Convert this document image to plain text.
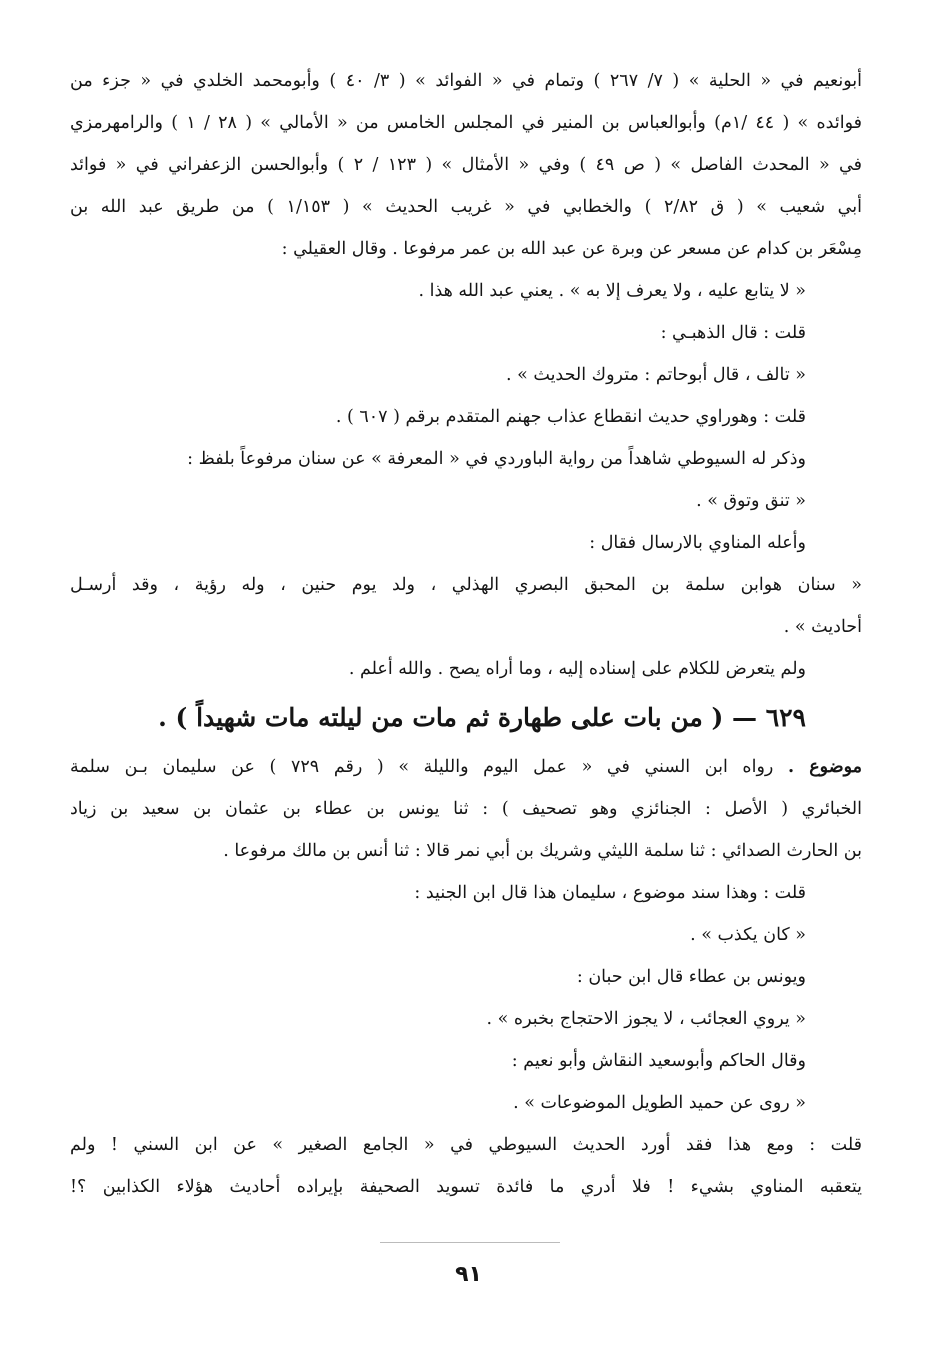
أبونعيم في « الحلية » ( ٧/ ٢٦٧ ) وتمام في « الفوائد » ( ٣/ ٤٠ ) وأبومحمد الخلدي في « جزء من
فوائده » ( ٤٤ /١م) وأبوالعباس بن المنير في المجلس الخامس من « الأمالي » ( ٢٨ / ١ ) والرامهرمزي
في « المحدث الفاصل » ( ص ٤٩ ) وفي « الأمثال » ( ١٢٣ / ٢ ) وأبوالحسن الزعفراني في « فوائد
أبي شعيب » ( ق ٢/٨٢ ) والخطابي في « غريب الحديث » ( ١/١٥٣ ) من طريق عبد الله بن
مِسْعَر بن كدام عن مسعر عن وبرة عن عبد الله بن عمر مرفوعا . وقال العقيلي :
« لا يتابع عليه ، ولا يعرف إلا به » . يعني عبد الله هذا .
قلت : قال الذهبـي :
« تالف ، قال أبوحاتم : متروك الحديث » .
قلت : وهوراوي حديث انقطاع عذاب جهنم المتقدم برقم ( ٦٠٧ ) .
وذكر له السيوطي شاهداً من رواية الباوردي في « المعرفة » عن سنان مرفوعاً بلفظ :
« تنق وتوق » .
وأعله المناوي بالارسال فقال :
« سنان هوابن سلمة بن المحبق البصري الهذلي ، ولد يوم حنين ، وله رؤية ، وقد أرسـل
أحاديث » .
ولم يتعرض للكلام على إسناده إليه ، وما أراه يصح . والله أعلم .
٦٢٩ — ( من بات على طهارة ثم مات من ليلته مات شهيداً ) .
موضوع . رواه ابن السني في « عمل اليوم والليلة » ( رقم ٧٢٩ ) عن سليمان بـن سلمة
الخبائري ( الأصل : الجنائزي وهو تصحيف ) : ثنا يونس بن عطاء بن عثمان بن سعيد بن زياد
بن الحارث الصدائي : ثنا سلمة الليثي وشريك بن أبي نمر قالا : ثنا أنس بن مالك مرفوعا .
قلت : وهذا سند موضوع ، سليمان هذا قال ابن الجنيد :
« كان يكذب » .
ويونس بن عطاء قال ابن حبان :
« يروي العجائب ، لا يجوز الاحتجاج بخبره » .
وقال الحاكم وأبوسعيد النقاش وأبو نعيم :
« روى عن حميد الطويل الموضوعات » .
قلت : ومع هذا فقد أورد الحديث السيوطي في « الجامع الصغير » عن ابن السني ! ولم
يتعقبه المناوي بشيء ! فلا أدري ما فائدة تسويد الصحيفة بإيراده أحاديث هؤلاء الكذابين ؟!
٩١
